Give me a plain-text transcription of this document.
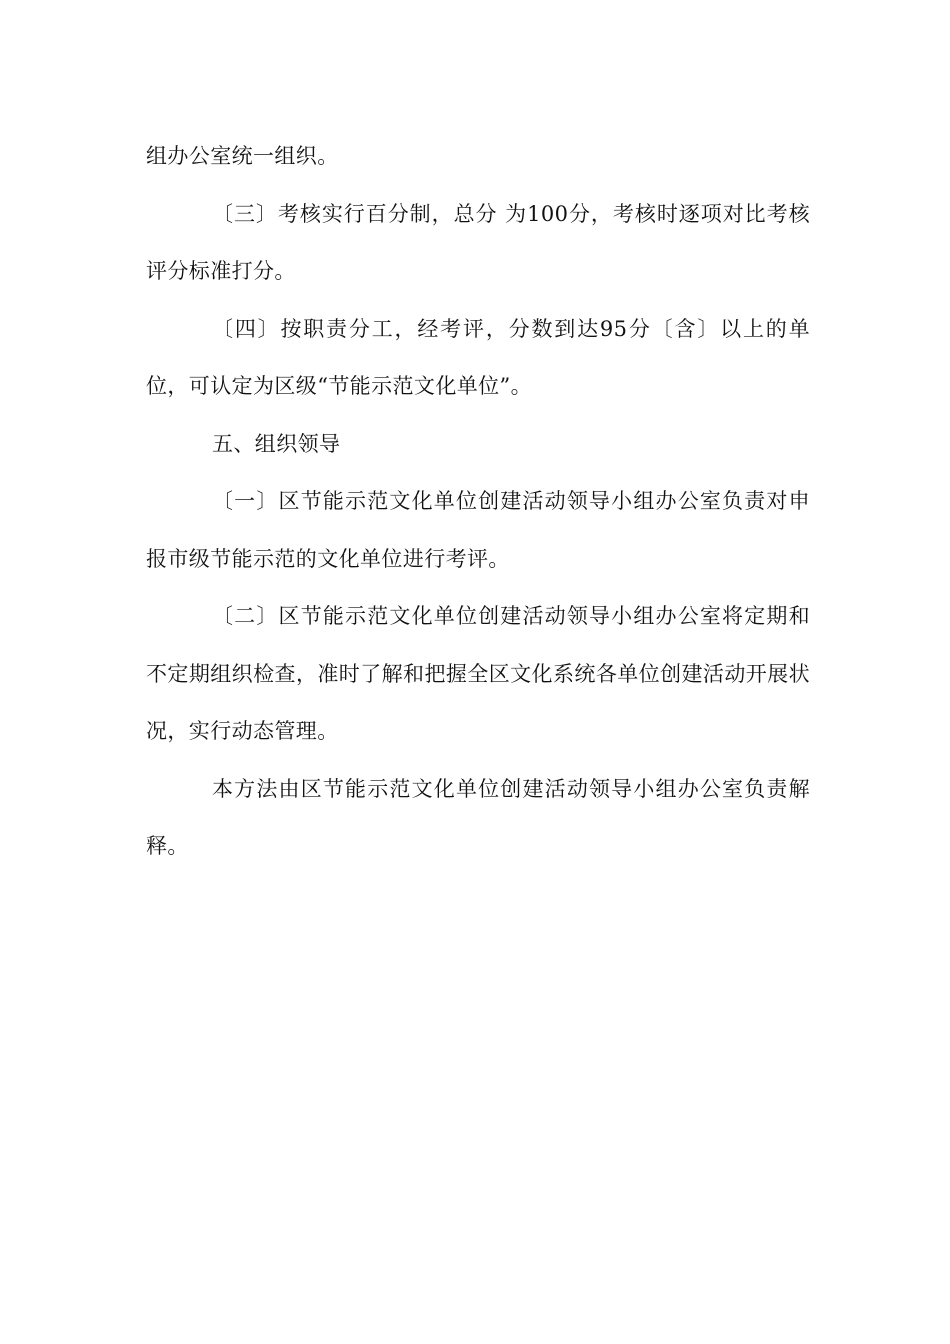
组办公室统一组织。

〔三〕考核实行百分制，总分 为100分，考核时逐项对比考核评分标准打分。

〔四〕按职责分工，经考评，分数到达95分〔含〕以上的单位，可认定为区级“节能示范文化单位”。

五、组织领导

〔一〕区节能示范文化单位创建活动领导小组办公室负责对申报市级节能示范的文化单位进行考评。

〔二〕区节能示范文化单位创建活动领导小组办公室将定期和不定期组织检查，准时了解和把握全区文化系统各单位创建活动开展状况，实行动态管理。

本方法由区节能示范文化单位创建活动领导小组办公室负责解释。
